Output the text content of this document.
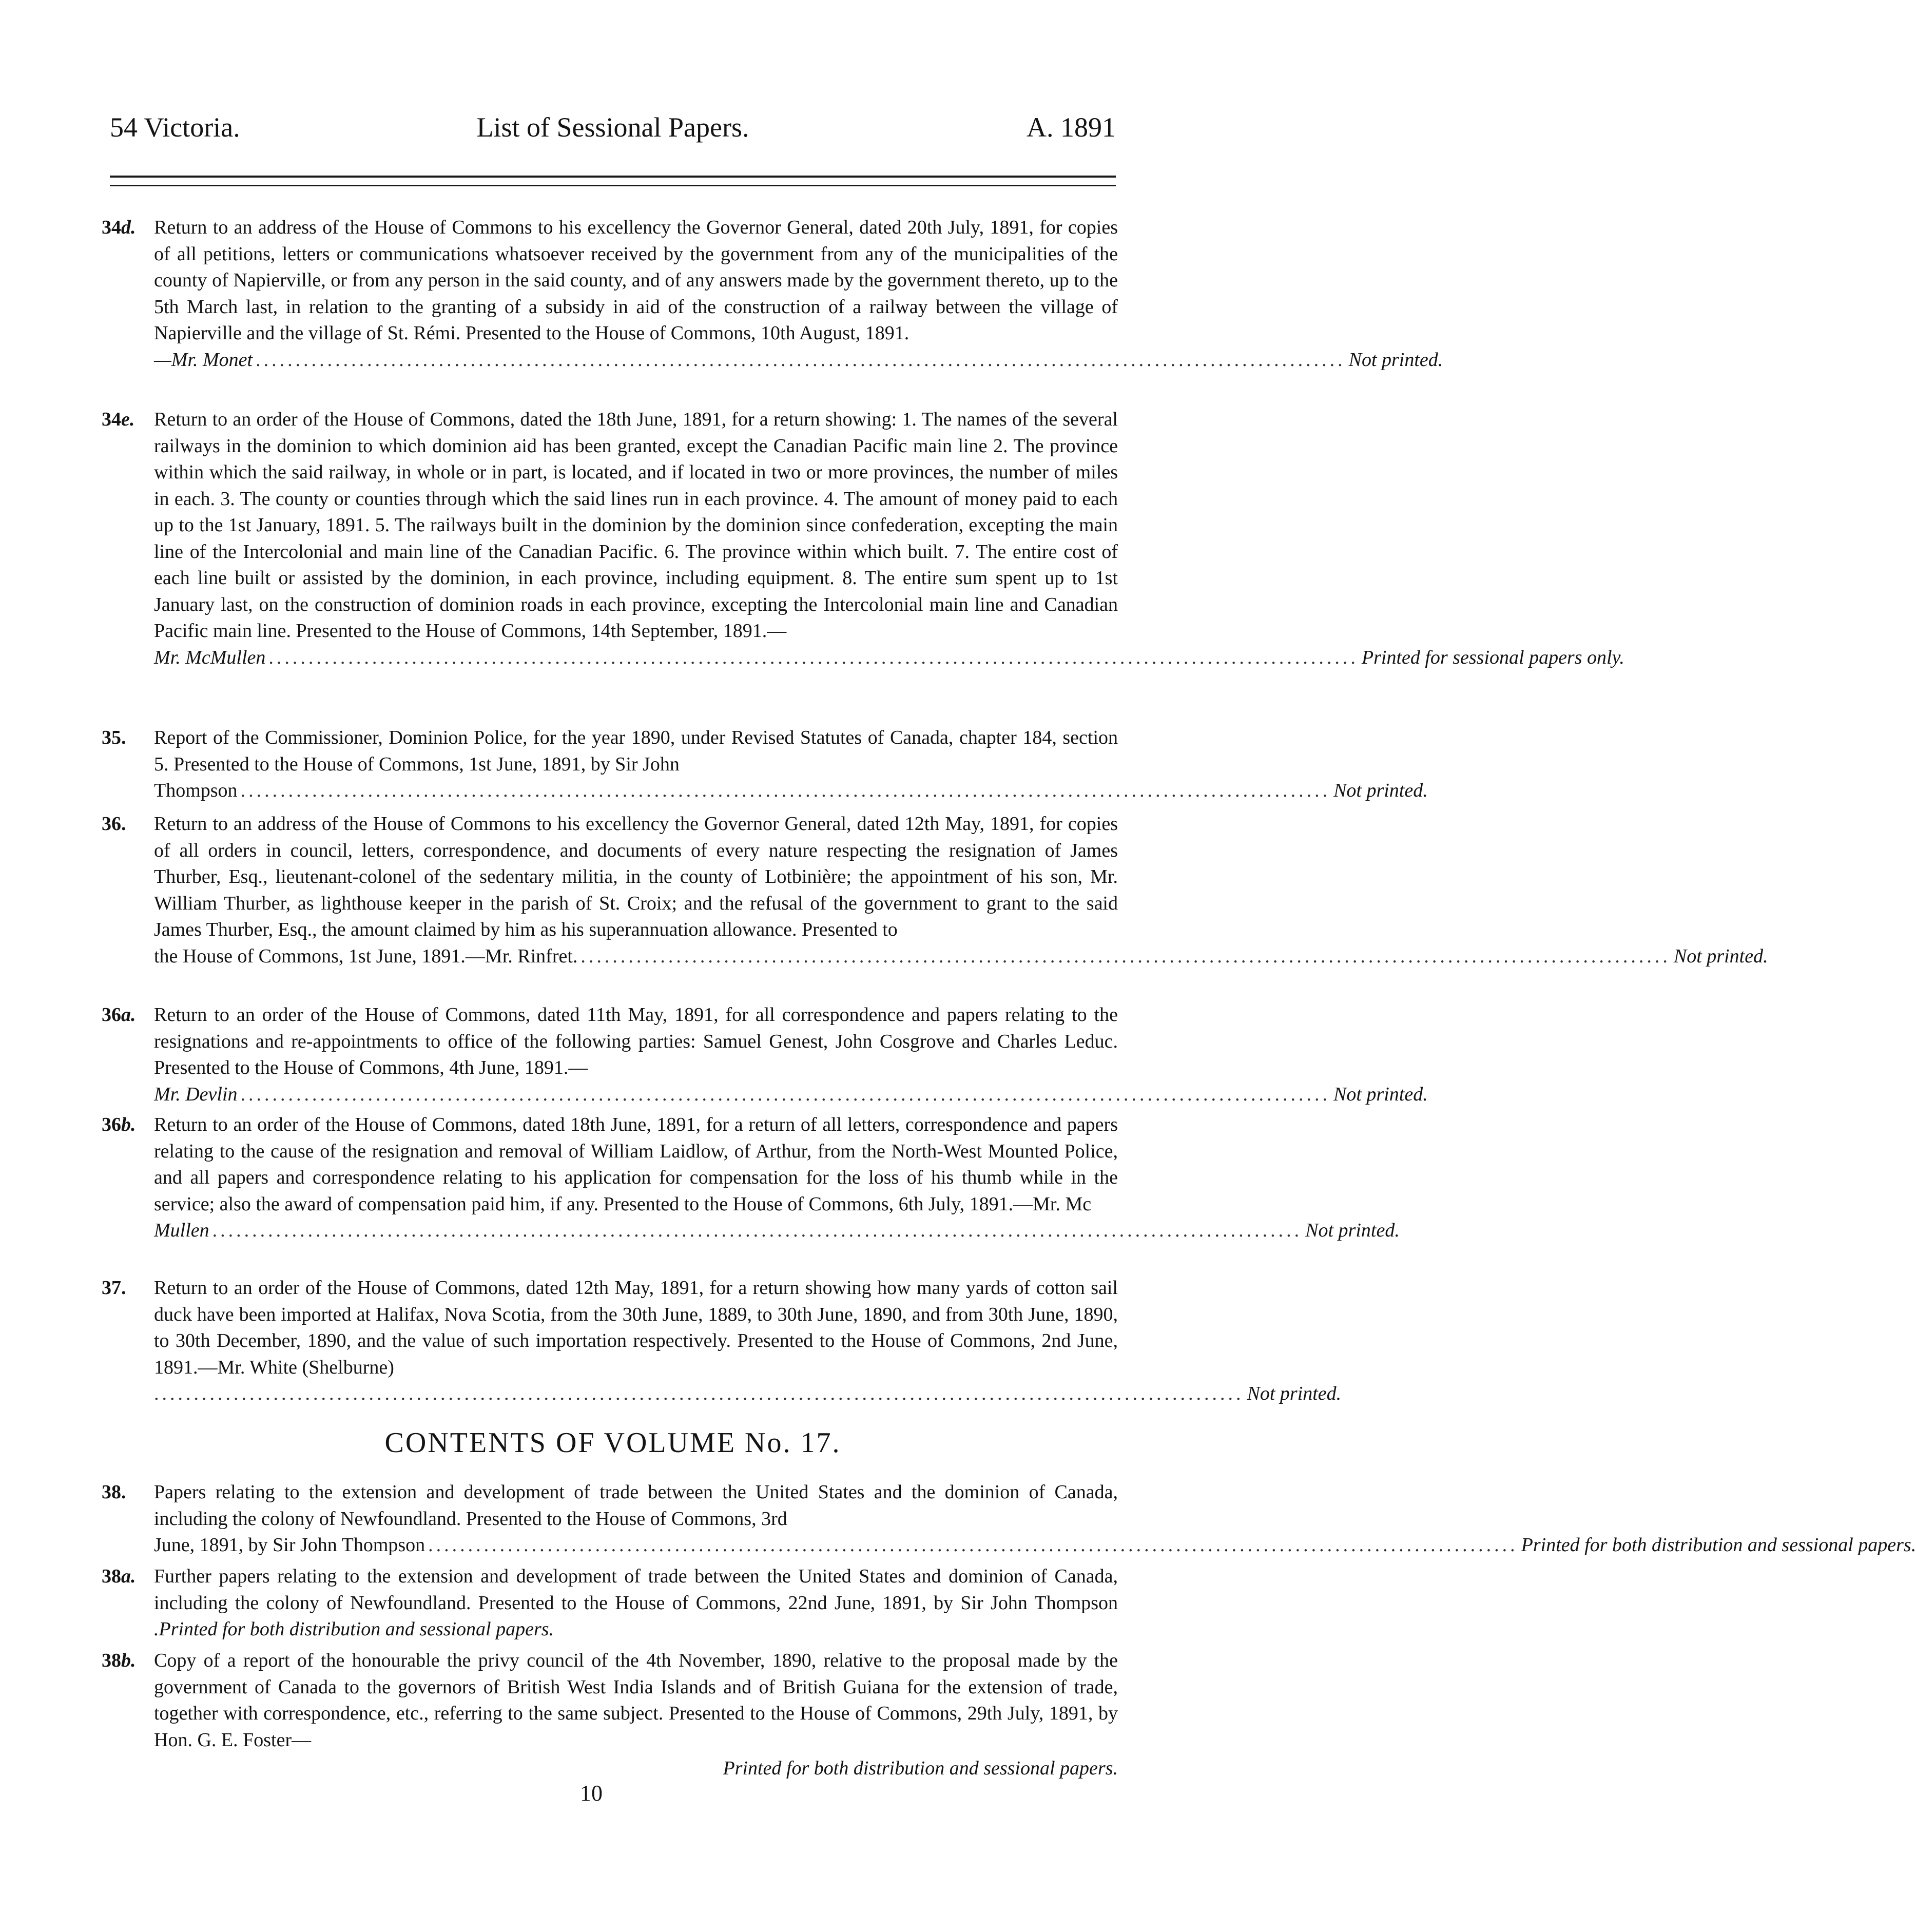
54 Victoria.	List of Sessional Papers.	A. 1891
34d. Return to an address of the House of Commons to his excellency the Governor General, dated 20th July, 1891, for copies of all petitions, letters or communications whatsoever received by the government from any of the municipalities of the county of Napierville, or from any person in the said county, and of any answers made by the government thereto, up to the 5th March last, in relation to the granting of a subsidy in aid of the construction of a railway between the village of Napierville and the village of St. Rémi. Presented to the House of Commons, 10th August, 1891.
—Mr. Monet ......................................................................................................................................... Not printed.
34e. Return to an order of the House of Commons, dated the 18th June, 1891, for a return showing: 1. The names of the several railways in the dominion to which dominion aid has been granted, except the Canadian Pacific main line 2. The province within which the said railway, in whole or in part, is located, and if located in two or more provinces, the number of miles in each. 3. The county or counties through which the said lines run in each province. 4. The amount of money paid to each up to the 1st January, 1891. 5. The railways built in the dominion by the dominion since confederation, excepting the main line of the Intercolonial and main line of the Canadian Pacific. 6. The province within which built. 7. The entire cost of each line built or assisted by the dominion, in each province, including equipment. 8. The entire sum spent up to 1st January last, on the construction of dominion roads in each province, excepting the Intercolonial main line and Canadian Pacific main line. Presented to the House of Commons, 14th September, 1891.—
Mr. McMullen ......................................................................................................................................... Printed for sessional papers only.
35. Report of the Commissioner, Dominion Police, for the year 1890, under Revised Statutes of Canada, chapter 184, section 5. Presented to the House of Commons, 1st June, 1891, by Sir John
Thompson ......................................................................................................................................... Not printed.
36. Return to an address of the House of Commons to his excellency the Governor General, dated 12th May, 1891, for copies of all orders in council, letters, correspondence, and documents of every nature respecting the resignation of James Thurber, Esq., lieutenant-colonel of the sedentary militia, in the county of Lotbinière; the appointment of his son, Mr. William Thurber, as lighthouse keeper in the parish of St. Croix; and the refusal of the government to grant to the said James Thurber, Esq., the amount claimed by him as his superannuation allowance. Presented to
the House of Commons, 1st June, 1891.—Mr. Rinfret. ......................................................................................................................................... Not printed.
36a. Return to an order of the House of Commons, dated 11th May, 1891, for all correspondence and papers relating to the resignations and re-appointments to office of the following parties: Samuel Genest, John Cosgrove and Charles Leduc. Presented to the House of Commons, 4th June, 1891.—
Mr. Devlin ......................................................................................................................................... Not printed.
36b. Return to an order of the House of Commons, dated 18th June, 1891, for a return of all letters, correspondence and papers relating to the cause of the resignation and removal of William Laidlow, of Arthur, from the North-West Mounted Police, and all papers and correspondence relating to his application for compensation for the loss of his thumb while in the service; also the award of compensation paid him, if any. Presented to the House of Commons, 6th July, 1891.—Mr. Mc
Mullen ......................................................................................................................................... Not printed.
37. Return to an order of the House of Commons, dated 12th May, 1891, for a return showing how many yards of cotton sail duck have been imported at Halifax, Nova Scotia, from the 30th June, 1889, to 30th June, 1890, and from 30th June, 1890, to 30th December, 1890, and the value of such importation respectively. Presented to the House of Commons, 2nd June, 1891.—Mr. White (Shelburne)
......................................................................................................................................... Not printed.
CONTENTS OF VOLUME No. 17.
38. Papers relating to the extension and development of trade between the United States and the dominion of Canada, including the colony of Newfoundland. Presented to the House of Commons, 3rd
June, 1891, by Sir John Thompson ......................................................................................................................................... Printed for both distribution and sessional papers.
38a. Further papers relating to the extension and development of trade between the United States and dominion of Canada, including the colony of Newfoundland. Presented to the House of Commons, 22nd June, 1891, by Sir John Thompson .Printed for both distribution and sessional papers.
38b. Copy of a report of the honourable the privy council of the 4th November, 1890, relative to the proposal made by the government of Canada to the governors of British West India Islands and of British Guiana for the extension of trade, together with correspondence, etc., referring to the same subject. Presented to the House of Commons, 29th July, 1891, by Hon. G. E. Foster—
Printed for both distribution and sessional papers.
10
